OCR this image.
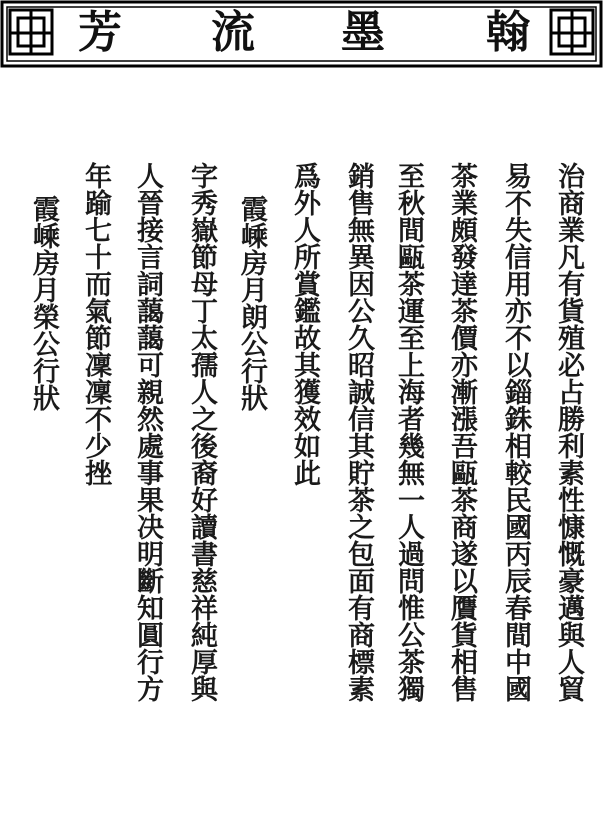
翰
墨
流
芳
治商業凡有貨殖必占勝利素性慷慨豪邁與人貿
易不失信用亦不以錙銖相較民國丙辰春間中國
茶業頗發達茶價亦漸漲吾甌茶商遂以贋貨相售
至秋間甌茶運至上海者幾無一人過問惟公茶獨
銷售無異因公久昭誠信其貯茶之包面有商標素
爲外人所賞鑑故其獲效如此
霞嵊房月朗公行狀
字秀嶽節母丁太孺人之後裔好讀書慈祥純厚與
人晉接言詞藹藹可親然處事果决明斷知圓行方
年踰七十而氣節凜凜不少挫
霞嵊房月榮公行狀
